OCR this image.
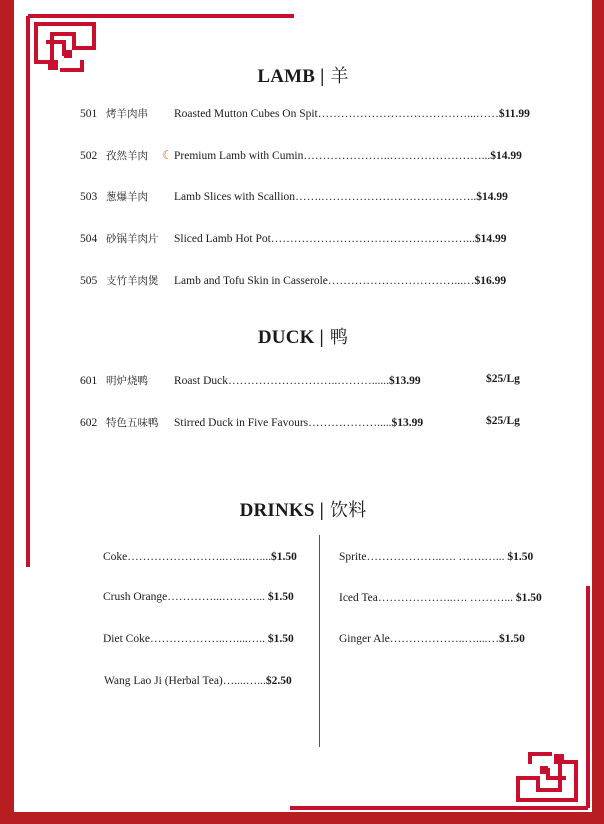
LAMB | 羊
501 烤羊肉串 Roasted Mutton Cubes On Spit…………………………………...……$11.99
502 孜然羊肉 ☾Premium Lamb with Cumin…………………..……………………...$14.99
503 葱爆羊肉 Lamb Slices with Scallion…….…………………………………..$14.99
504 砂锅羊肉片 Sliced Lamb Hot Pot……………………………………………...$14.99
505 支竹羊肉煲 Lamb and Tofu Skin in Casserole……………………………...…$16.99
DUCK | 鸭
601 明炉烧鸭 Roast Duck………………………..………......$13.99	$25/Lg
602 特色五味鸭 Stirred Duck in Five Favours……………….....$13.99	$25/Lg
DRINKS | 饮料
Coke……………………..…....…....$1.50
Crush Orange…………...………... $1.50
Diet Coke………………..…....….. $1.50
Wang Lao Ji (Herbal Tea)…....…...$2.50
Sprite………………..…. …….…... $1.50
Iced Tea………………..…. ………... $1.50
Ginger Ale………………..…....…$1.50
